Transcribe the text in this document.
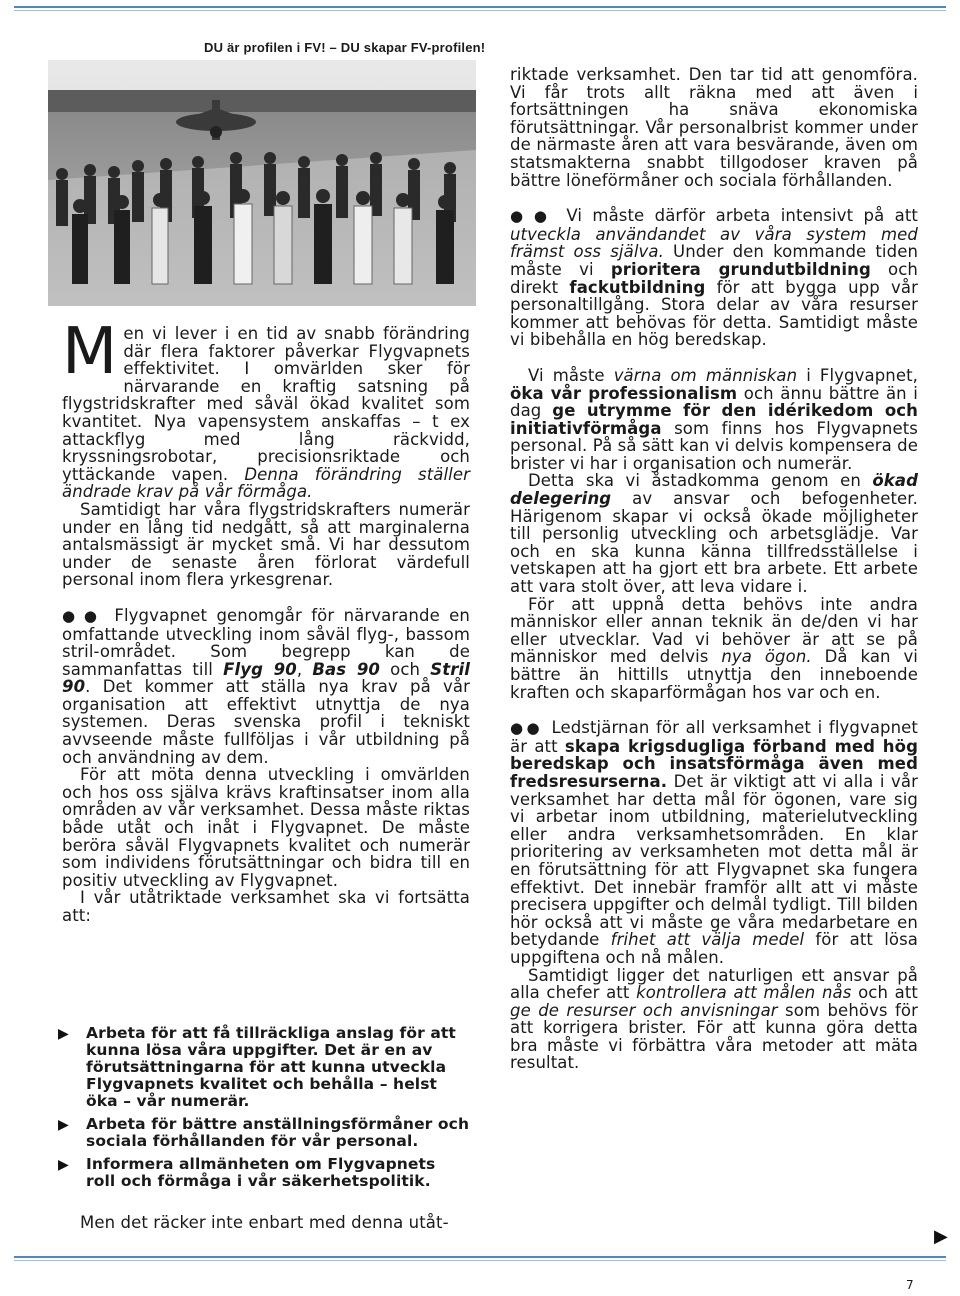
DU är profilen i FV! – DU skapar FV-profilen!

Men vi lever i en tid av snabb förändring där flera faktorer påverkar Flygvapnets effektivitet. I omvärlden sker för närvarande en kraftig satsning på flygstridskrafter med såväl ökad kvalitet som kvantitet. Nya vapensystem anskaffas – t ex attackflyg med lång räckvidd, kryssningsrobotar, precisionsriktade och yttäckande vapen. Denna förändring ställer ändrade krav på vår förmåga.

Samtidigt har våra flygstridskrafters numerär under en lång tid nedgått, så att marginalerna antalsmässigt är mycket små. Vi har dessutom under de senaste åren förlorat värdefull personal inom flera yrkesgrenar.

● ● Flygvapnet genomgår för närvarande en omfattande utveckling inom såväl flyg-, bassom stril-området. Som begrepp kan de sammanfattas till Flyg 90, Bas 90 och Stril 90. Det kommer att ställa nya krav på vår organisation att effektivt utnyttja de nya systemen. Deras svenska profil i tekniskt avvseende måste fullföljas i vår utbildning på och användning av dem.

För att möta denna utveckling i omvärlden och hos oss själva krävs kraftinsatser inom alla områden av vår verksamhet. Dessa måste riktas både utåt och inåt i Flygvapnet. De måste beröra såväl Flygvapnets kvalitet och numerär som individens förutsättningar och bidra till en positiv utveckling av Flygvapnet.

I vår utåtriktade verksamhet ska vi fortsätta att:

▶	Arbeta för att få tillräckliga anslag för att kunna lösa våra uppgifter. Det är en av förutsättningarna för att kunna utveckla Flygvapnets kvalitet och behålla – helst öka – vår numerär.
▶	Arbeta för bättre anställningsförmåner och sociala förhållanden för vår personal.
▶	Informera allmänheten om Flygvapnets roll och förmåga i vår säkerhetspolitik.

Men det räcker inte enbart med denna utåt-

riktade verksamhet. Den tar tid att genomföra. Vi får trots allt räkna med att även i fortsättningen ha snäva ekonomiska förutsättningar. Vår personalbrist kommer under de närmaste åren att vara besvärande, även om statsmakterna snabbt tillgodoser kraven på bättre löneförmåner och sociala förhållanden.

● ● Vi måste därför arbeta intensivt på att utveckla användandet av våra system med främst oss själva. Under den kommande tiden måste vi prioritera grundutbildning och direkt fackutbildning för att bygga upp vår personaltillgång. Stora delar av våra resurser kommer att behövas för detta. Samtidigt måste vi bibehålla en hög beredskap.

Vi måste värna om människan i Flygvapnet, öka vår professionalism och ännu bättre än i dag ge utrymme för den idérikedom och initiativförmåga som finns hos Flygvapnets personal. På så sätt kan vi delvis kompensera de brister vi har i organisation och numerär.

Detta ska vi åstadkomma genom en ökad delegering av ansvar och befogenheter. Härigenom skapar vi också ökade möjligheter till personlig utveckling och arbetsglädje. Var och en ska kunna känna tillfredsställelse i vetskapen att ha gjort ett bra arbete. Ett arbete att vara stolt över, att leva vidare i.

För att uppnå detta behövs inte andra människor eller annan teknik än de/den vi har eller utvecklar. Vad vi behöver är att se på människor med delvis nya ögon. Då kan vi bättre än hittills utnyttja den inneboende kraften och skaparförmågan hos var och en.

● ● Ledstjärnan för all verksamhet i flygvapnet är att skapa krigsdugliga förband med hög beredskap och insatsförmåga även med fredsresurserna. Det är viktigt att vi alla i vår verksamhet har detta mål för ögonen, vare sig vi arbetar inom utbildning, materielutveckling eller andra verksamhetsområden. En klar prioritering av verksamheten mot detta mål är en förutsättning för att Flygvapnet ska fungera effektivt. Det innebär framför allt att vi måste precisera uppgifter och delmål tydligt. Till bilden hör också att vi måste ge våra medarbetare en betydande frihet att välja medel för att lösa uppgiftena och nå målen.

Samtidigt ligger det naturligen ett ansvar på alla chefer att kontrollera att målen nås och att ge de resurser och anvisningar som behövs för att korrigera brister. För att kunna göra detta bra måste vi förbättra våra metoder att mäta resultat.

▶
7
